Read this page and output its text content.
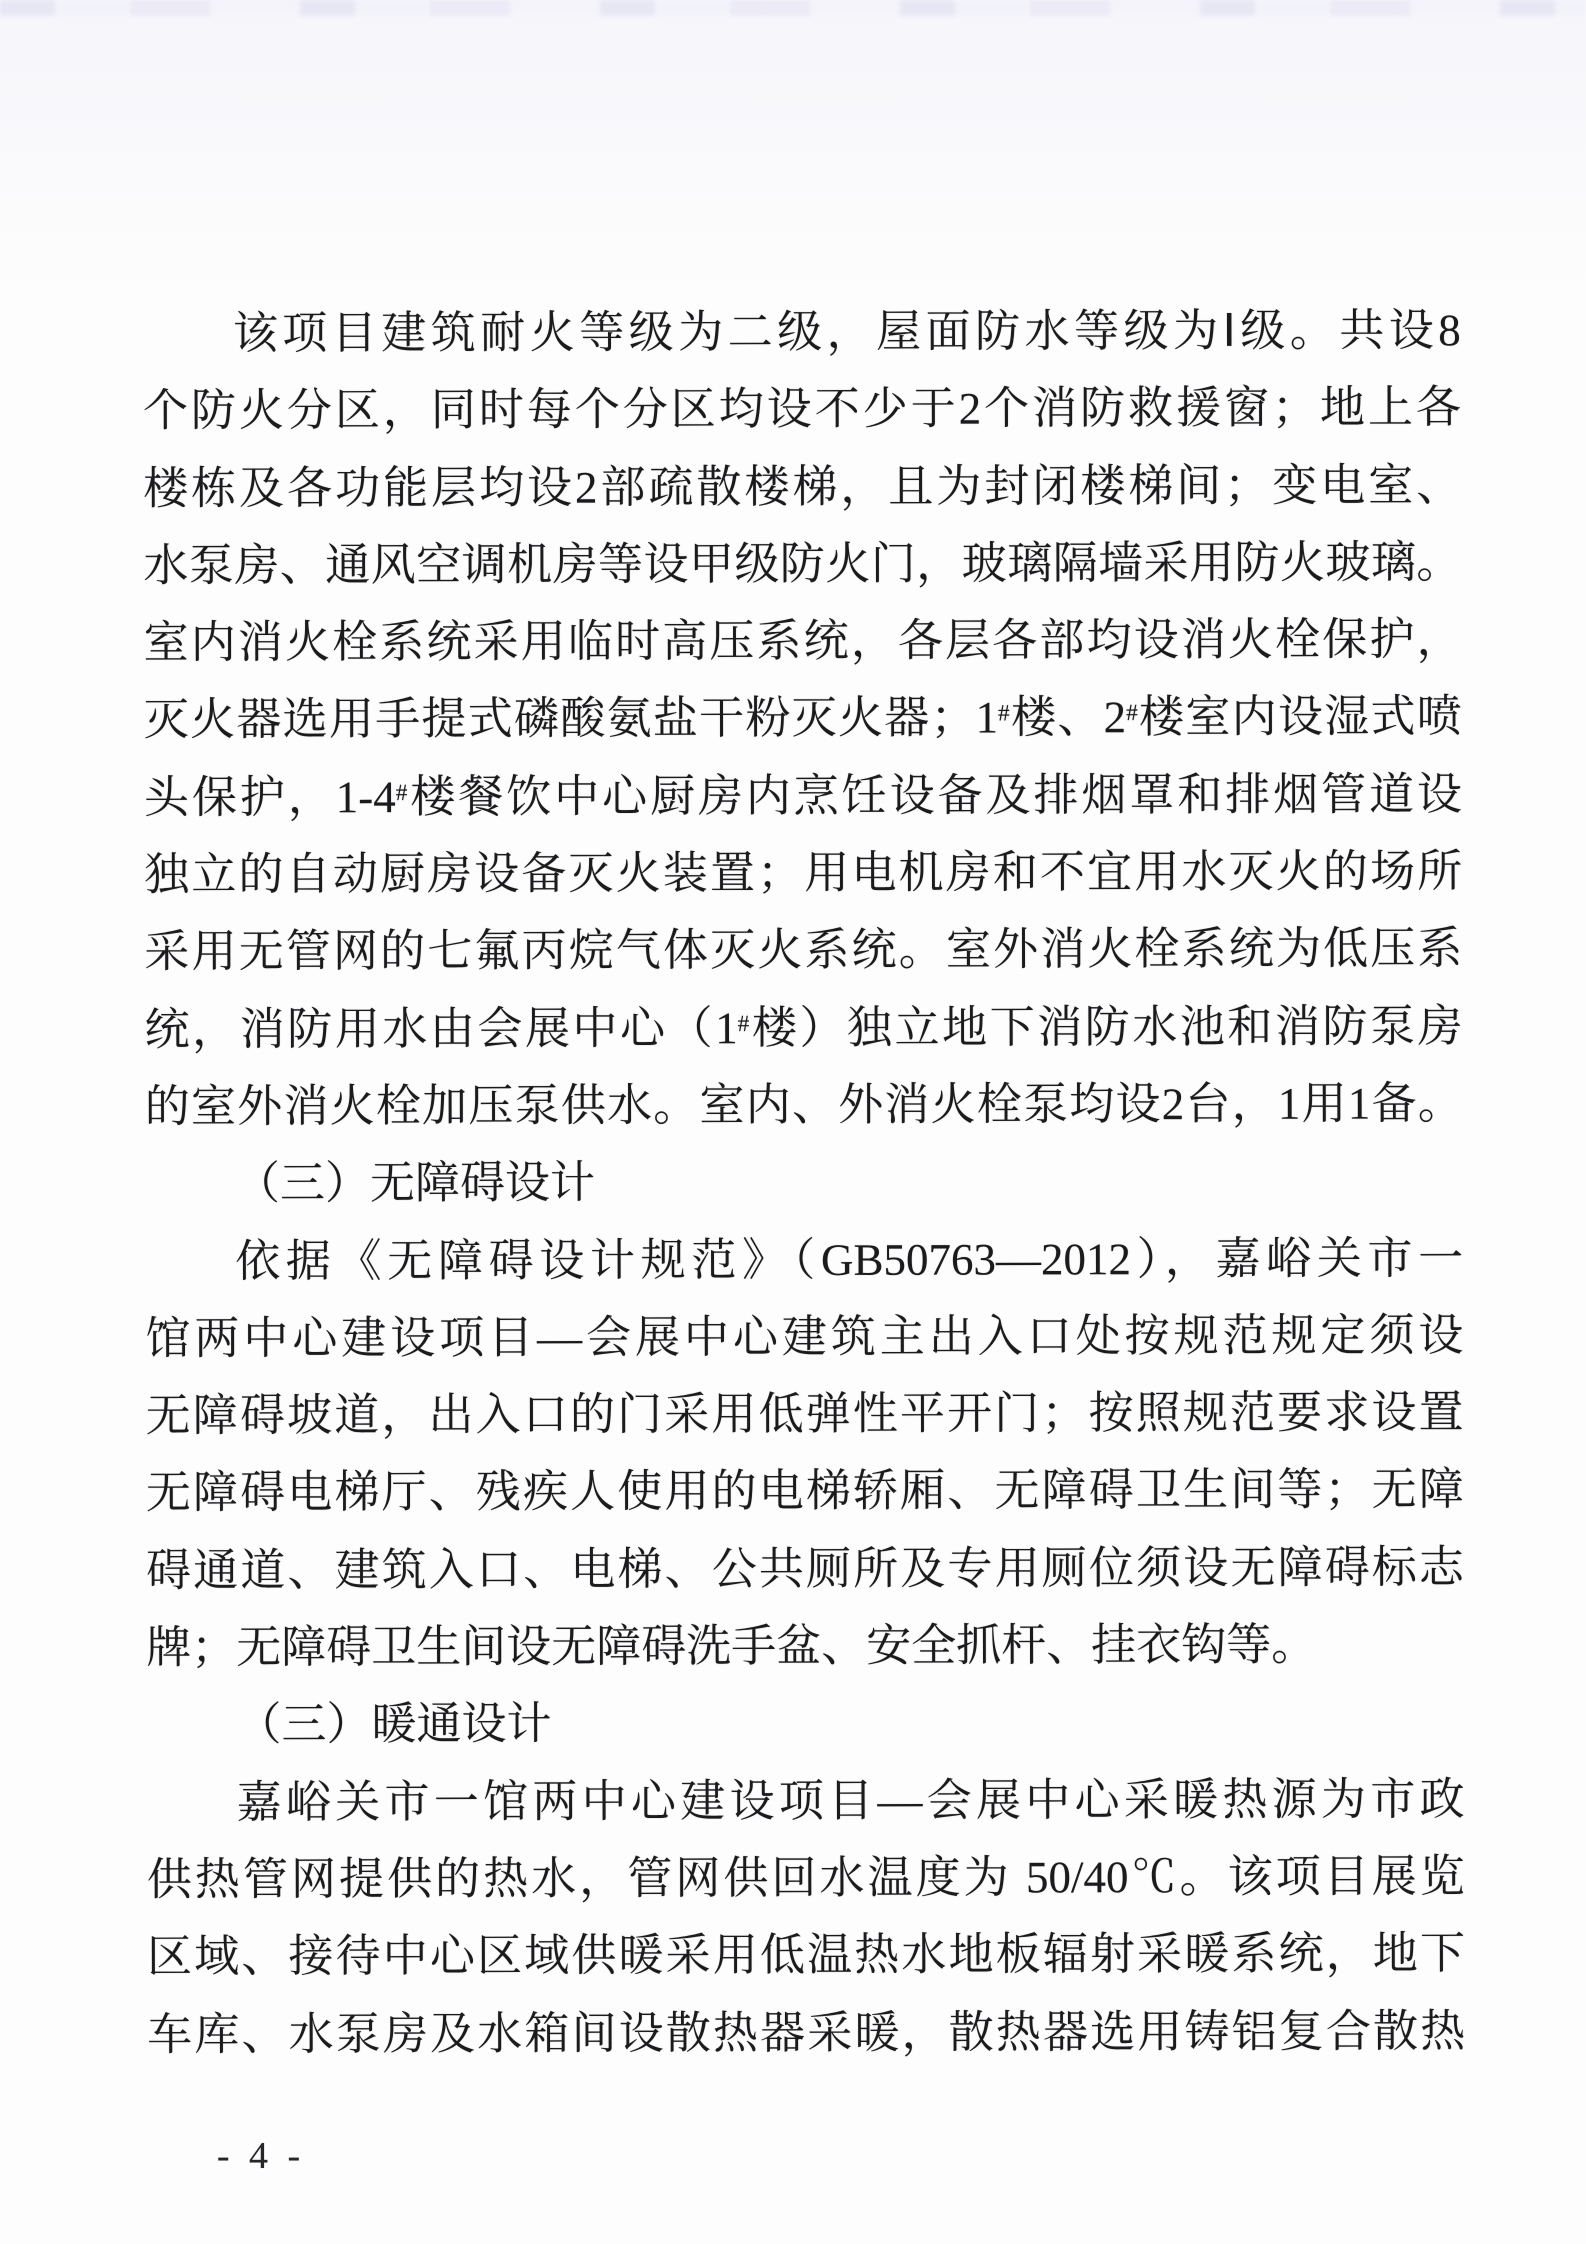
该项目建筑耐火等级为二级，屋面防水等级为Ⅰ级。共设8
个防火分区，同时每个分区均设不少于2个消防救援窗；地上各
楼栋及各功能层均设2部疏散楼梯，且为封闭楼梯间；变电室、
水泵房、通风空调机房等设甲级防火门，玻璃隔墙采用防火玻璃。
室内消火栓系统采用临时高压系统，各层各部均设消火栓保护，
灭火器选用手提式磷酸氨盐干粉灭火器；1#楼、2#楼室内设湿式喷
头保护，1-4#楼餐饮中心厨房内烹饪设备及排烟罩和排烟管道设
独立的自动厨房设备灭火装置；用电机房和不宜用水灭火的场所
采用无管网的七氟丙烷气体灭火系统。室外消火栓系统为低压系
统，消防用水由会展中心（1#楼）独立地下消防水池和消防泵房
的室外消火栓加压泵供水。室内、外消火栓泵均设2台，1用1备。
（三）无障碍设计
依据《无障碍设计规范》（GB50763—2012），嘉峪关市一
馆两中心建设项目—会展中心建筑主出入口处按规范规定须设
无障碍坡道，出入口的门采用低弹性平开门；按照规范要求设置
无障碍电梯厅、残疾人使用的电梯轿厢、无障碍卫生间等；无障
碍通道、建筑入口、电梯、公共厕所及专用厕位须设无障碍标志
牌；无障碍卫生间设无障碍洗手盆、安全抓杆、挂衣钩等。
（三）暖通设计
嘉峪关市一馆两中心建设项目—会展中心采暖热源为市政
供热管网提供的热水，管网供回水温度为 50/40℃。该项目展览
区域、接待中心区域供暖采用低温热水地板辐射采暖系统，地下
车库、水泵房及水箱间设散热器采暖，散热器选用铸铝复合散热
- 4 -
